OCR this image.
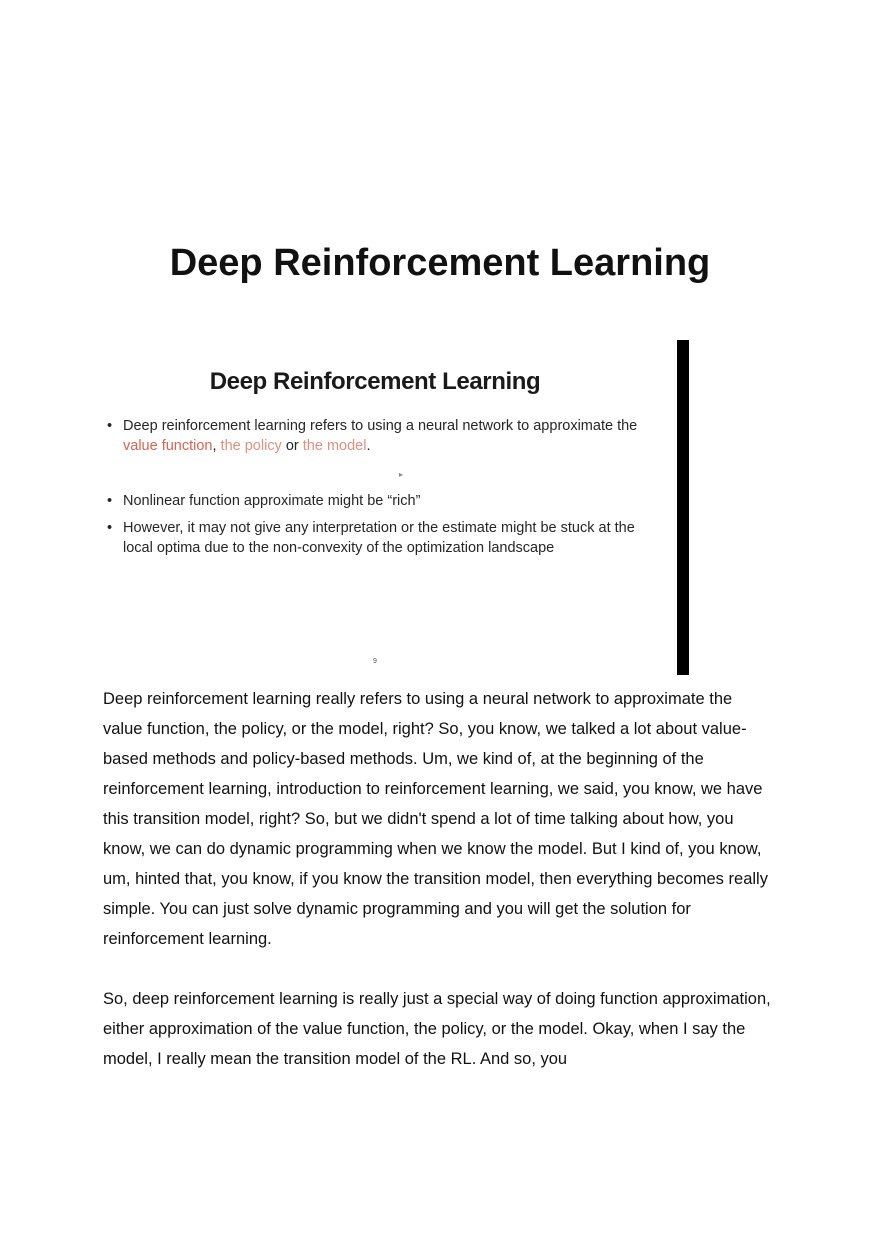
Deep Reinforcement Learning
Deep Reinforcement Learning
• Deep reinforcement learning refers to using a neural network to approximate the value function, the policy or the model.
• Nonlinear function approximate might be “rich”
• However, it may not give any interpretation or the estimate might be stuck at the local optima due to the non-convexity of the optimization landscape
▸
9

Deep reinforcement learning really refers to using a neural network to approximate the value function, the policy, or the model, right? So, you know, we talked a lot about value-based methods and policy-based methods. Um, we kind of, at the beginning of the reinforcement learning, introduction to reinforcement learning, we said, you know, we have this transition model, right? So, but we didn't spend a lot of time talking about how, you know, we can do dynamic programming when we know the model. But I kind of, you know, um, hinted that, you know, if you know the transition model, then everything becomes really simple. You can just solve dynamic programming and you will get the solution for reinforcement learning.

So, deep reinforcement learning is really just a special way of doing function approximation, either approximation of the value function, the policy, or the model. Okay, when I say the model, I really mean the transition model of the RL. And so, you
